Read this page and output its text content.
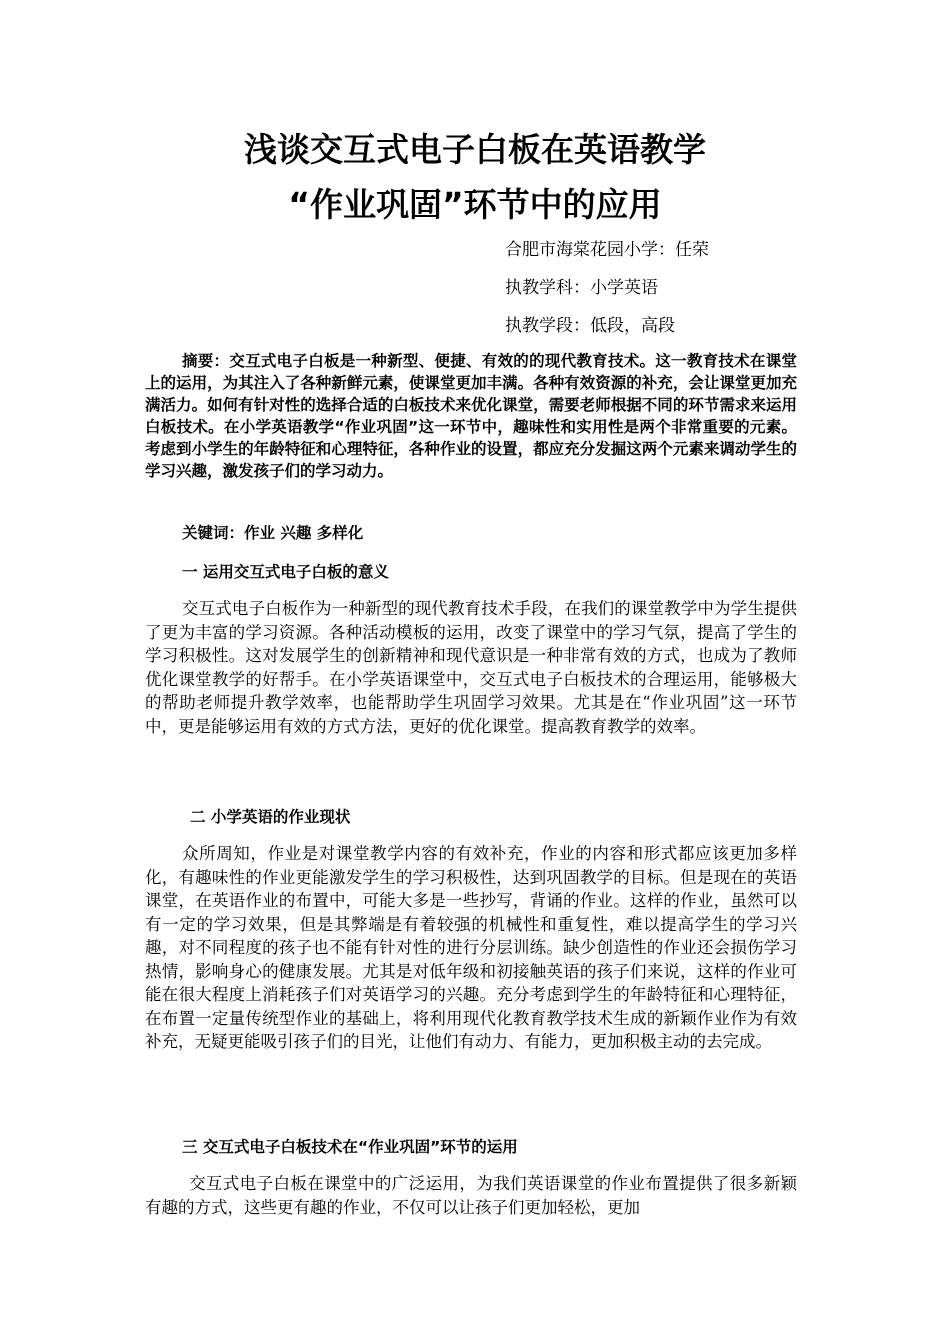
浅谈交互式电子白板在英语教学
“作业巩固”环节中的应用

合肥市海棠花园小学：任荣

执教学科：小学英语

执教学段：低段，高段

摘要：交互式电子白板是一种新型、便捷、有效的的现代教育技术。这一教育技术在课堂上的运用，为其注入了各种新鲜元素，使课堂更加丰满。各种有效资源的补充，会让课堂更加充满活力。如何有针对性的选择合适的白板技术来优化课堂，需要老师根据不同的环节需求来运用白板技术。在小学英语教学“作业巩固”这一环节中，趣味性和实用性是两个非常重要的元素。考虑到小学生的年龄特征和心理特征，各种作业的设置，都应充分发掘这两个元素来调动学生的学习兴趣，激发孩子们的学习动力。

关键词：作业 兴趣 多样化

一 运用交互式电子白板的意义

交互式电子白板作为一种新型的现代教育技术手段，在我们的课堂教学中为学生提供了更为丰富的学习资源。各种活动模板的运用，改变了课堂中的学习气氛，提高了学生的学习积极性。这对发展学生的创新精神和现代意识是一种非常有效的方式，也成为了教师优化课堂教学的好帮手。在小学英语课堂中，交互式电子白板技术的合理运用，能够极大的帮助老师提升教学效率，也能帮助学生巩固学习效果。尤其是在“作业巩固”这一环节中，更是能够运用有效的方式方法，更好的优化课堂。提高教育教学的效率。

二 小学英语的作业现状

众所周知，作业是对课堂教学内容的有效补充，作业的内容和形式都应该更加多样化，有趣味性的作业更能激发学生的学习积极性，达到巩固教学的目标。但是现在的英语课堂，在英语作业的布置中，可能大多是一些抄写，背诵的作业。这样的作业，虽然可以有一定的学习效果，但是其弊端是有着较强的机械性和重复性，难以提高学生的学习兴趣，对不同程度的孩子也不能有针对性的进行分层训练。缺少创造性的作业还会损伤学习热情，影响身心的健康发展。尤其是对低年级和初接触英语的孩子们来说，这样的作业可能在很大程度上消耗孩子们对英语学习的兴趣。充分考虑到学生的年龄特征和心理特征，在布置一定量传统型作业的基础上，将利用现代化教育教学技术生成的新颖作业作为有效补充，无疑更能吸引孩子们的目光，让他们有动力、有能力，更加积极主动的去完成。

三 交互式电子白板技术在“作业巩固”环节的运用

交互式电子白板在课堂中的广泛运用，为我们英语课堂的作业布置提供了很多新颖有趣的方式，这些更有趣的作业，不仅可以让孩子们更加轻松，更加
